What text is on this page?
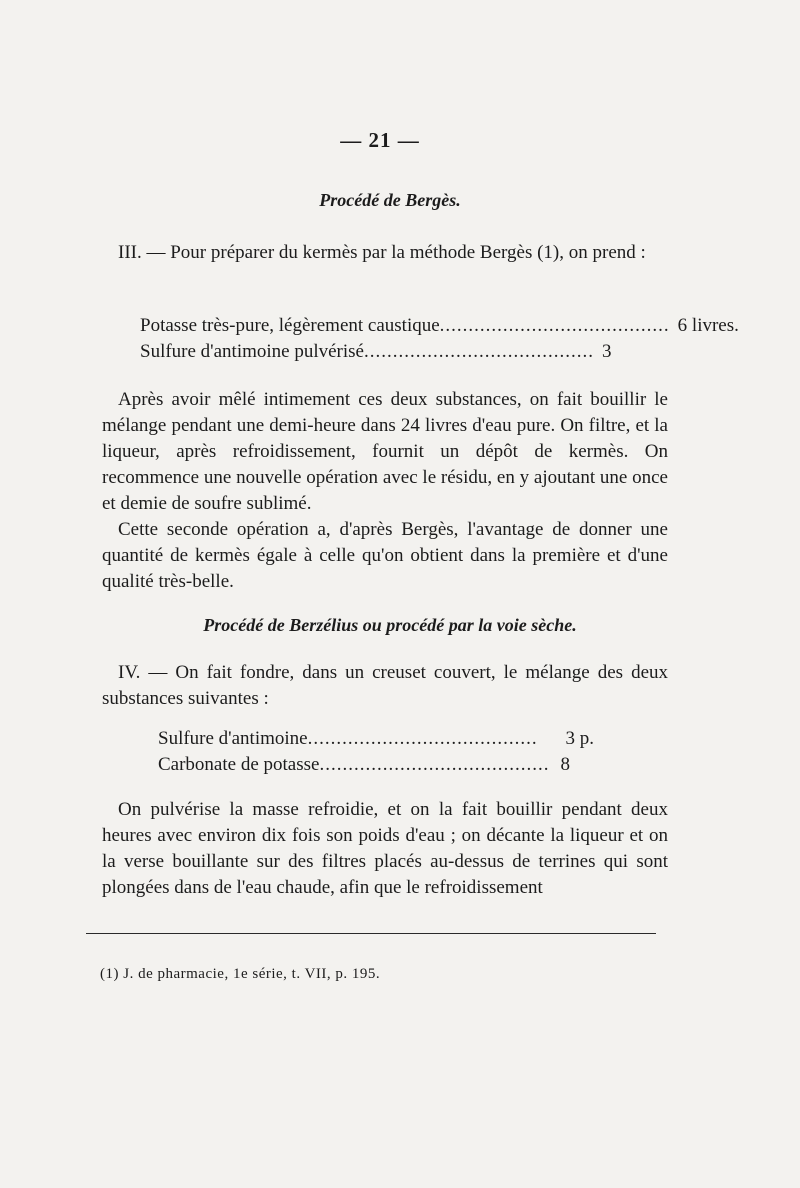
— 21 —
Procédé de Bergès.

III. — Pour préparer du kermès par la méthode Bergès (1), on prend :

Potasse très-pure, légèrement caustique ........................................ 6 livres.
Sulfure d'antimoine pulvérisé ........................................ 3

Après avoir mêlé intimement ces deux substances, on fait bouillir le mélange pendant une demi-heure dans 24 livres d'eau pure. On filtre, et la liqueur, après refroidissement, fournit un dépôt de kermès. On recommence une nouvelle opération avec le résidu, en y ajoutant une once et demie de soufre sublimé.

Cette seconde opération a, d'après Bergès, l'avantage de donner une quantité de kermès égale à celle qu'on obtient dans la première et d'une qualité très-belle.

Procédé de Berzélius ou procédé par la voie sèche.

IV. — On fait fondre, dans un creuset couvert, le mélange des deux substances suivantes :

Sulfure d'antimoine ........................................	3 p.
Carbonate de potasse ........................................ 8

On pulvérise la masse refroidie, et on la fait bouillir pendant deux heures avec environ dix fois son poids d'eau ; on décante la liqueur et on la verse bouillante sur des filtres placés au-dessus de terrines qui sont plongées dans de l'eau chaude, afin que le refroidissement

(1) J. de pharmacie, 1e série, t. VII, p. 195.
